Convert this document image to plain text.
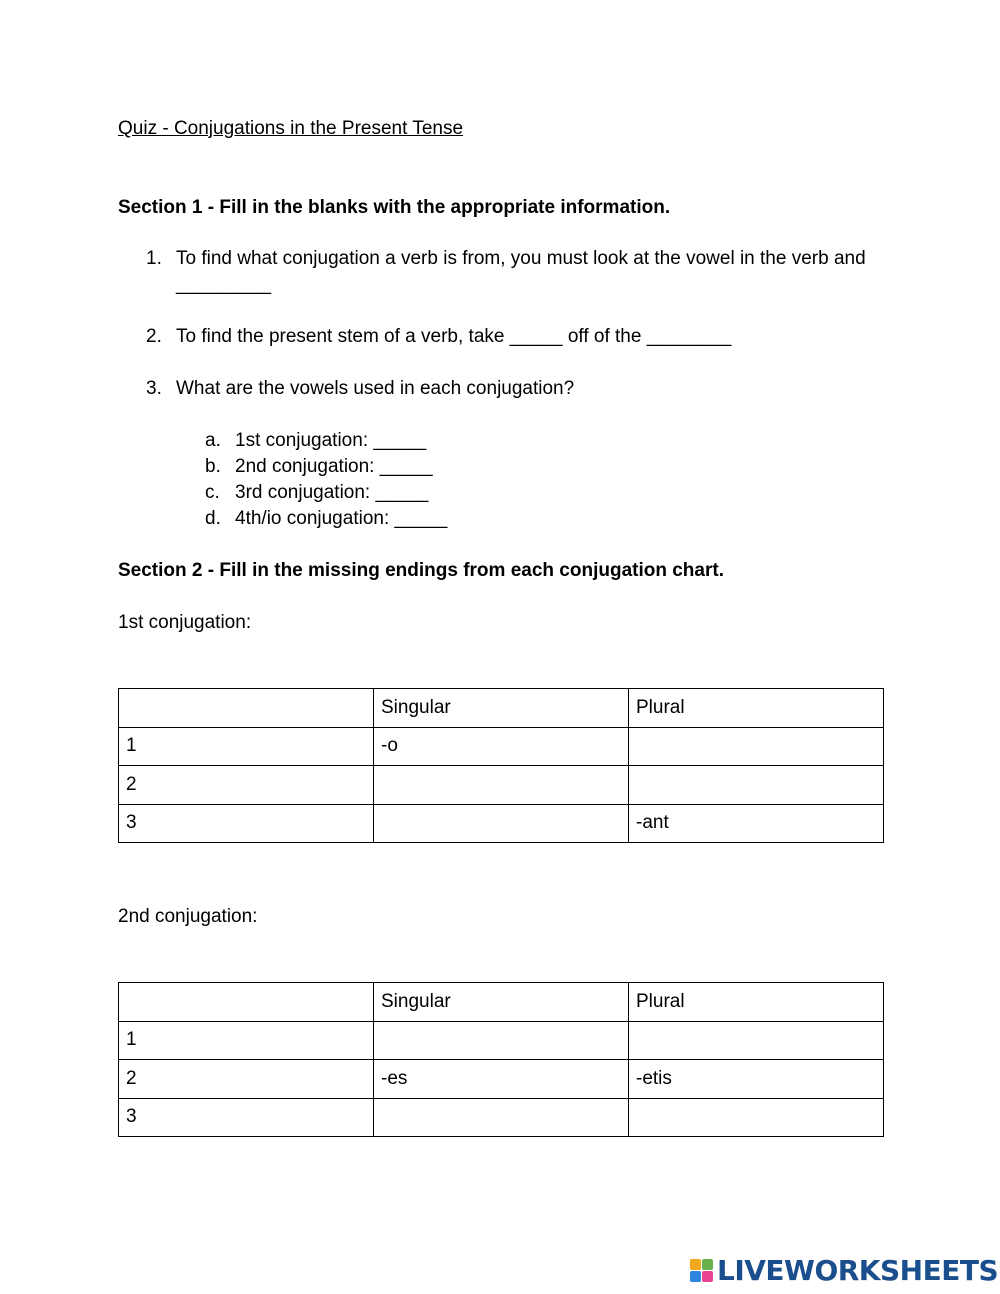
Quiz - Conjugations in the Present Tense
Section 1 - Fill in the blanks with the appropriate information.
1. To find what conjugation a verb is from, you must look at the vowel in the verb and _________
2. To find the present stem of a verb, take _____ off of the ________
3. What are the vowels used in each conjugation?
a. 1st conjugation: _____
b. 2nd conjugation: _____
c. 3rd conjugation: _____
d. 4th/io conjugation: _____
Section 2 - Fill in the missing endings from each conjugation chart.

1st conjugation:

	Singular	Plural
1	-o	
2		
3		-ant

2nd conjugation:

	Singular	Plural
1		
2	-es	-etis
3		
LIVEWORKSHEETS
